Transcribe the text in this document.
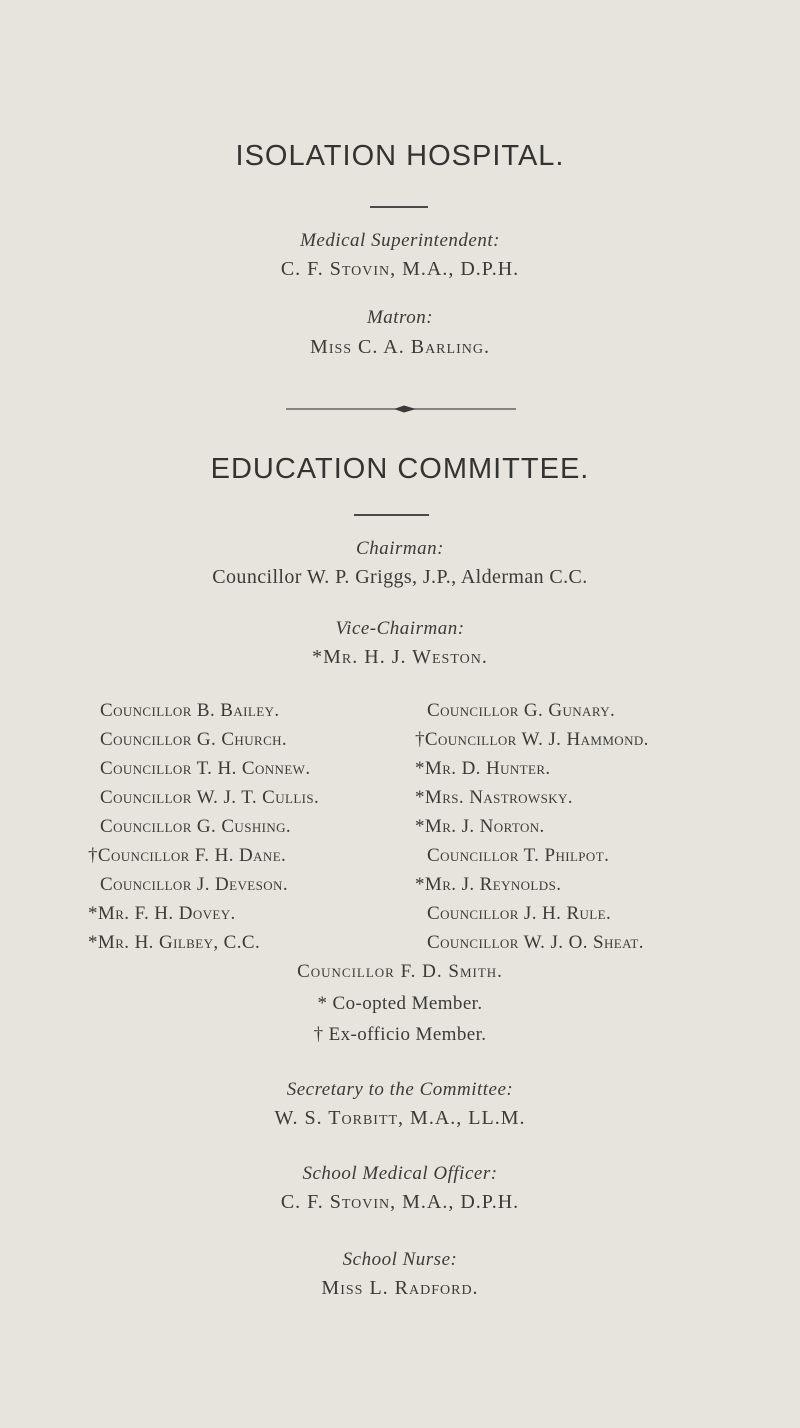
ISOLATION HOSPITAL.
Medical Superintendent:
C. F. Stovin, M.A., D.P.H.
Matron:
Miss C. A. Barling.
EDUCATION COMMITTEE.
Chairman:
Councillor W. P. Griggs, J.P., Alderman C.C.
Vice-Chairman:
*Mr. H. J. Weston.
Councillor B. Bailey.
Councillor G. Church.
Councillor T. H. Connew.
Councillor W. J. T. Cullis.
Councillor G. Cushing.
†Councillor F. H. Dane.
Councillor J. Deveson.
*Mr. F. H. Dovey.
*Mr. H. Gilbey, C.C.
Councillor G. Gunary.
†Councillor W. J. Hammond.
*Mr. D. Hunter.
*Mrs. Nastrowsky.
*Mr. J. Norton.
Councillor T. Philpot.
*Mr. J. Reynolds.
Councillor J. H. Rule.
Councillor W. J. O. Sheat.
Councillor F. D. Smith.
* Co-opted Member.
† Ex-officio Member.
Secretary to the Committee:
W. S. Torbitt, M.A., LL.M.
School Medical Officer:
C. F. Stovin, M.A., D.P.H.
School Nurse:
Miss L. Radford.
